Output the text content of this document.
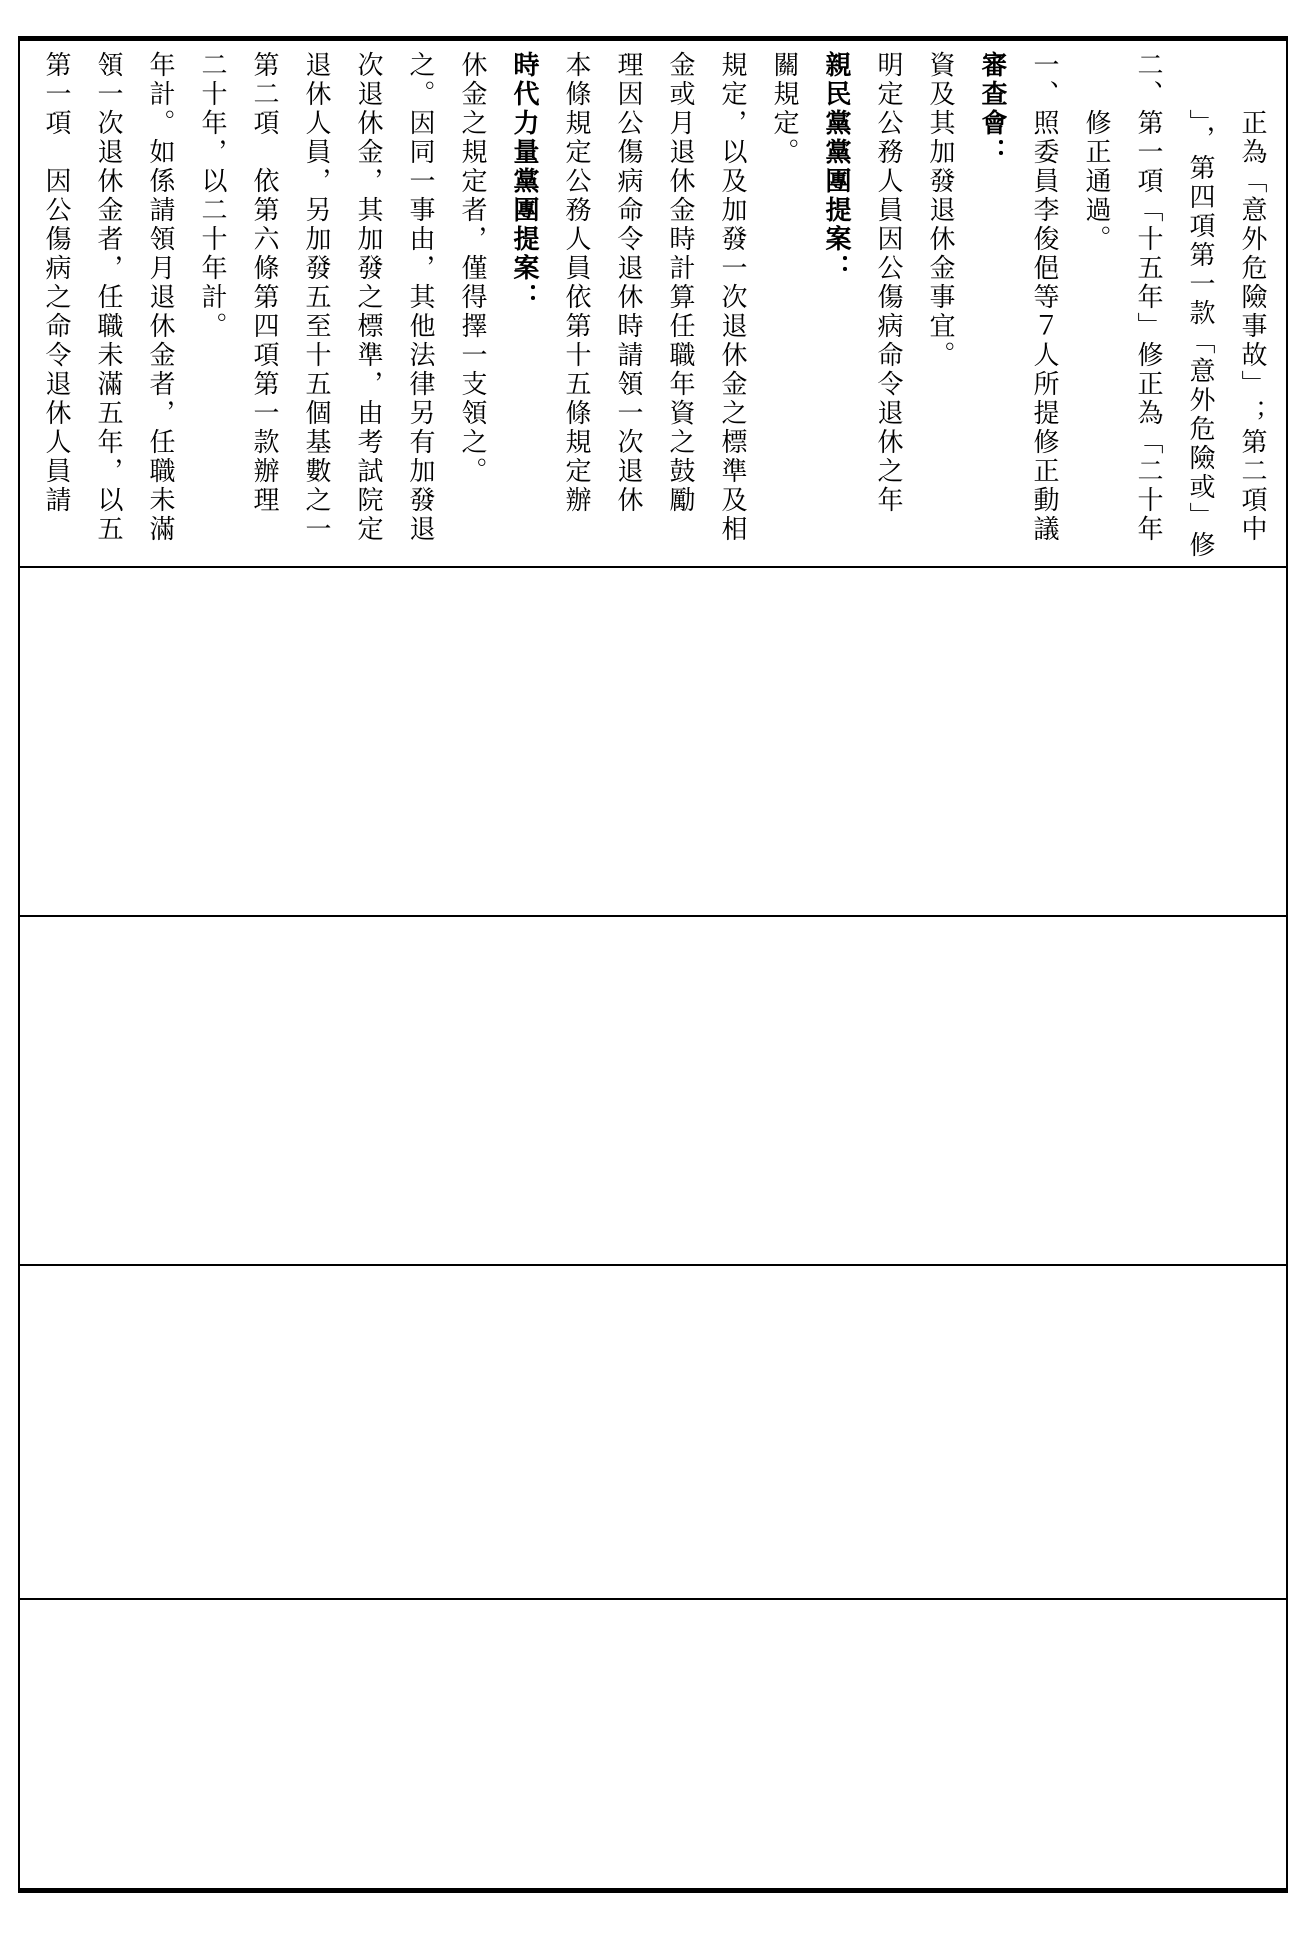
第一項　因公傷病之命令退休人員請 領一次退休金者，任職未滿五年，以五 年計。如係請領月退休金者，任職未滿 二十年，以二十年計。 第二項　依第六條第四項第一款辦理 退休人員，另加發五至十五個基數之一 次退休金，其加發之標準，由考試院定 之。因同一事由，其他法律另有加發退 休金之規定者，僅得擇一支領之。 時代力量黨團提案： 本條規定公務人員依第十五條規定辦 理因公傷病命令退休時請領一次退休 金或月退休金時計算任職年資之鼓勵 規定，以及加發一次退休金之標準及相 關規定。 親民黨黨團提案： 明定公務人員因公傷病命令退休之年 資及其加發退休金事宜。 審查會： 一、照委員李俊俋等７人所提修正動議 　　修正通過。 二、第一項「十五年」修正為「二十年 　　」，第四項第一款「意外危險或」修 　　正為「意外危險事故」；第二項中
